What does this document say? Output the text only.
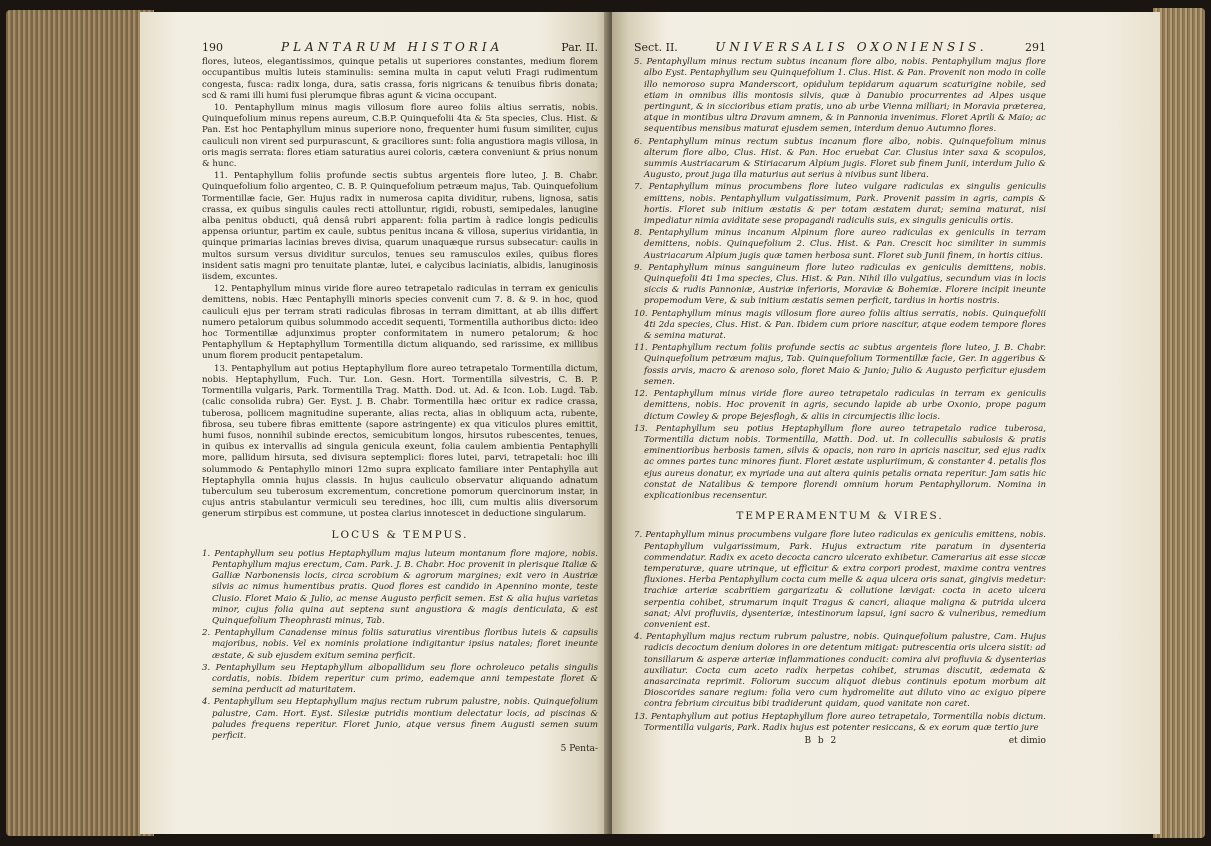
190	PLANTARUM HISTORIA	Par. II.

flores, luteos, elegantissimos, quinque petalis ut superiores constantes, medium florem occupantibus multis luteis staminulis: semina multa in caput veluti Fragi rudimentum congesta, fusca: radix longa, dura, satis crassa, foris nigricans & tenuibus fibris donata; scd & rami illi humi fusi plerumque fibras agunt & vicina occupant.

10. Pentaphyllum minus magis villosum flore aureo foliis altius serratis, nobis. Quinquefolium minus repens aureum, C.B.P. Quinquefolii 4ta & 5ta species, Clus. Hist. & Pan. Est hoc Pentaphyllum minus superiore nono, frequenter humi fusum similiter, cujus cauliculi non virent sed purpurascunt, & graciliores sunt: folia angustiora magis villosa, in oris magis serrata: flores etiam saturatius aurei coloris, cætera conveniunt & prius nonum & hunc.

11. Pentaphyllum foliis profunde sectis subtus argenteis flore luteo, J. B. Chabr. Quinquefolium folio argenteo, C. B. P. Quinquefolium petræum majus, Tab. Quinquefolium Tormentillæ facie, Ger. Hujus radix in numerosa capita dividitur, rubens, lignosa, satis crassa, ex quibus singulis caules recti attolluntur, rigidi, robusti, semipedales, lanugine alba penitus obducti, quâ densâ rubri apparent: folia partim à radice longis pediculis appensa oriuntur, partim ex caule, subtus penitus incana & villosa, superius viridantia, in quinque primarias lacinias breves divisa, quarum unaquæque rursus subsecatur: caulis in multos sursum versus dividitur surculos, tenues seu ramusculos exiles, quibus flores insident satis magni pro tenuitate plantæ, lutei, e calycibus laciniatis, albidis, lanuginosis iisdem, excuntes.

12. Pentaphyllum minus viride flore aureo tetrapetalo radiculas in terram ex geniculis demittens, nobis. Hæc Pentaphylli minoris species convenit cum 7. 8. & 9. in hoc, quod cauliculi ejus per terram strati radiculas fibrosas in terram dimittant, at ab illis differt numero petalorum quibus solummodo accedit sequenti, Tormentilla authoribus dicto: ideo hoc Tormentillæ adjunximus propter conformitatem in numero petalorum; & hoc Pentaphyllum & Heptaphyllum Tormentilla dictum aliquando, sed rarissime, ex millibus unum florem producit pentapetalum.

13. Pentaphyllum aut potius Heptaphyllum flore aureo tetrapetalo Tormentilla dictum, nobis. Heptaphyllum, Fuch. Tur. Lon. Gesn. Hort. Tormentilla silvestris, C. B. P. Tormentilla vulgaris, Park. Tormentilla Trag. Matth. Dod. ut. Ad. & Icon. Lob. Lugd. Tab. (calic consolida rubra) Ger. Eyst. J. B. Chabr. Tormentilla hæc oritur ex radice crassa, tuberosa, pollicem magnitudine superante, alias recta, alias in obliquum acta, rubente, fibrosa, seu tubere fibras emittente (sapore astringente) ex qua viticulos plures emittit, humi fusos, nonnihil subinde erectos, semicubitum longos, hirsutos rubescentes, tenues, in quibus ex intervallis ad singula genicula exeunt, folia caulem ambientia Pentaphylli more, pallidum hirsuta, sed divisura septemplici: flores lutei, parvi, tetrapetali: hoc illi solummodo & Pentaphyllo minori 12mo supra explicato familiare inter Pentaphylla aut Heptaphylla omnia hujus classis. In hujus cauliculo observatur aliquando adnatum tuberculum seu tuberosum excrementum, concretione pomorum quercinorum instar, in cujus antris stabulantur vermiculi seu teredines, hoc illi, cum multis aliis diversorum generum stirpibus est commune, ut postea clarius innotescet in deductione singularum.

LOCUS & TEMPUS.

1. Pentaphyllum seu potius Heptaphyllum majus luteum montanum flore majore, nobis. Pentaphyllum majus erectum, Cam. Park. J. B. Chabr. Hoc provenit in plerisque Italiæ & Galliæ Narbonensis locis, circa scrobium & agrorum margines; exit vero in Austriæ silvis ac nimus humentibus pratis. Quod flores est candido in Apennino monte, teste Clusio. Floret Maio & Julio, ac mense Augusto perficit semen. Est & alia hujus varietas minor, cujus folia quina aut septena sunt angustiora & magis denticulata, & est Quinquefolium Theophrasti minus, Tab.

2. Pentaphyllum Canadense minus foliis saturatius virentibus floribus luteis & capsulis majoribus, nobis. Vel ex nominis prolatione indigitantur ipsius natales; floret ineunte æstate, & sub ejusdem exitum semina perficit.

3. Pentaphyllum seu Heptaphyllum albopallidum seu flore ochroleuco petalis singulis cordatis, nobis. Ibidem reperitur cum primo, eademque anni tempestate floret & semina perducit ad maturitatem.

4. Pentaphyllum seu Heptaphyllum majus rectum rubrum palustre, nobis. Quinquefolium palustre, Cam. Hort. Eyst. Silesiæ putridis montium delectatur locis, ad piscinas & paludes frequens reperitur. Floret Junio, atque versus finem Augusti semen suum perficit.

5 Penta-
Sect. II.	UNIVERSALIS OXONIENSIS.	291

5. Pentaphyllum minus rectum subtus incanum flore albo, nobis. Pentaphyllum majus flore albo Eyst. Pentaphyllum seu Quinquefolium 1. Clus. Hist. & Pan. Provenit non modo in colle illo nemoroso supra Manderscort, opidulum tepidarum aquarum scaturigine nobile, sed etiam in omnibus illis montosis silvis, quæ à Danubio procurrentes ad Alpes usque pertingunt, & in siccioribus etiam pratis, uno ab urbe Vienna milliari; in Moravia præterea, atque in montibus ultra Dravum amnem, & in Pannonia invenimus. Floret Aprili & Maio; ac sequentibus mensibus maturat ejusdem semen, interdum denuo Autumno flores.

6. Pentaphyllum minus rectum subtus incanum flore albo, nobis. Quinquefolium minus alterum flore albo, Clus. Hist. & Pan. Hoc eruebat Car. Clusius inter saxa & scopulos, summis Austriacarum & Stiriacarum Alpium jugis. Floret sub finem Junii, interdum Julio & Augusto, prout juga illa maturius aut serius à nivibus sunt libera.

7. Pentaphyllum minus procumbens flore luteo vulgare radiculas ex singulis geniculis emittens, nobis. Pentaphyllum vulgatissimum, Park. Provenit passim in agris, campis & hortis. Floret sub initium æstatis & per totam æstatem durat; semina maturat, nisi impediatur nimia aviditate sese propagandi radiculis suis, ex singulis geniculis ortis.

8. Pentaphyllum minus incanum Alpinum flore aureo radiculas ex geniculis in terram demittens, nobis. Quinquefolium 2. Clus. Hist. & Pan. Crescit hoc similiter in summis Austriacarum Alpium jugis quæ tamen herbosa sunt. Floret sub Junii finem, in hortis citius.

9. Pentaphyllum minus sanguineum flore luteo radiculas ex geniculis demittens, nobis. Quinquefolii 4ti 1ma species, Clus. Hist. & Pan. Nihil illo vulgatius, secundum vias in locis siccis & rudis Pannoniæ, Austriæ inferioris, Moraviæ & Bohemiæ. Florere incipit ineunte propemodum Vere, & sub initium æstatis semen perficit, tardius in hortis nostris.

10. Pentaphyllum minus magis villosum flore aureo foliis altius serratis, nobis. Quinquefolii 4ti 2da species, Clus. Hist. & Pan. Ibidem cum priore nascitur, atque eodem tempore flores & semina maturat.

11. Pentaphyllum rectum foliis profunde sectis ac subtus argenteis flore luteo, J. B. Chabr. Quinquefolium petræum majus, Tab. Quinquefolium Tormentillæ facie, Ger. In aggeribus & fossis arvis, macro & arenoso solo, floret Maio & Junio; Julio & Augusto perficitur ejusdem semen.

12. Pentaphyllum minus viride flore aureo tetrapetalo radiculas in terram ex geniculis demittens, nobis. Hoc provenit in agris, secundo lapide ab urbe Oxonio, prope pagum dictum Cowley & prope Bejesflogh, & aliis in circumjectis illic locis.

13. Pentaphyllum seu potius Heptaphyllum flore aureo tetrapetalo radice tuberosa, Tormentilla dictum nobis. Tormentilla, Matth. Dod. ut. In collecullis sabulosis & pratis eminentioribus herbosis tamen, silvis & opacis, non raro in apricis nascitur, sed ejus radix ac omnes partes tunc minores fiunt. Floret æstate uspluriimum, & constanter 4. petalis flos ejus aureus donatur, ex myriade una aut altera quinis petalis ornata reperitur. Jam satis hic constat de Natalibus & tempore florendi omnium horum Pentaphyllorum. Nomina in explicationibus recensentur.

TEMPERAMENTUM & VIRES.

7. Pentaphyllum minus procumbens vulgare flore luteo radiculas ex geniculis emittens, nobis. Pentaphyllum vulgarissimum, Park. Hujus extractum rite paratum in dysenteria commendatur. Radix ex aceto decocta cancro ulcerato exhibetur. Camerarius ait esse siccæ temperaturæ, quare utrinque, ut efficitur & extra corpori prodest, maxime contra ventres fluxiones. Herba Pentaphyllum cocta cum melle & aqua ulcera oris sanat, gingivis medetur: trachiæ arteriæ scabritiem gargarizatu & collutione lævigat: cocta in aceto ulcera serpentia cohibet, strumarum inquit Tragus & cancri, aliaque maligna & putrida ulcera sanat; Alvi profluviis, dysenteriæ, intestinorum lapsui, igni sacro & vulneribus, remedium convenient est.

4. Pentaphyllum majus rectum rubrum palustre, nobis. Quinquefolium palustre, Cam. Hujus radicis decoctum denium dolores in ore detentum mitigat: putrescentia oris ulcera sistit: ad tonsillarum & asperæ arteriæ inflammationes conducit: comira alvi profluvia & dysenterias auxiliatur. Cocta cum aceto radix herpetas cohibet, strumas discutit, ædemata & anasarcinata reprimit. Foliorum succum aliquot diebus continuis epotum morbum ait Dioscorides sanare regium: folia vero cum hydromelite aut diluto vino ac exiguo pipere contra febrium circuitus bibi tradiderunt quidam, quod vanitate non caret.

13. Pentaphyllum aut potius Heptaphyllum flore aureo tetrapetalo, Tormentilla nobis dictum. Tormentilla vulgaris, Park. Radix hujus est potenter resiccans, & ex eorum quæ tertio jure

B b 2	et dimio
